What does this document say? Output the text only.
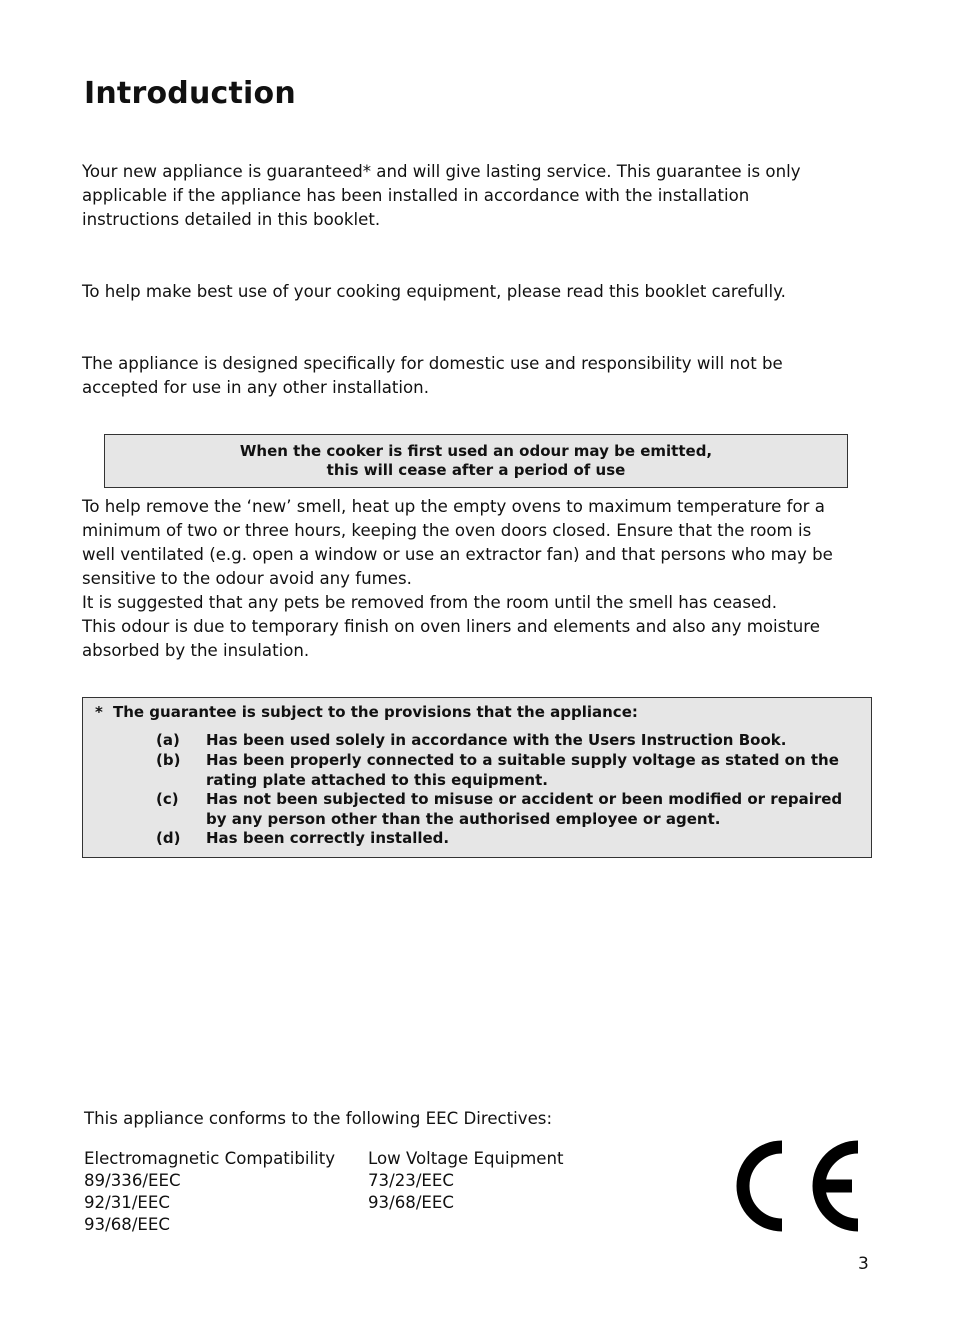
Introduction

Your new appliance is guaranteed* and will give lasting service. This guarantee is only
applicable if the appliance has been installed in accordance with the installation
instructions detailed in this booklet.

To help make best use of your cooking equipment, please read this booklet carefully.

The appliance is designed specifically for domestic use and responsibility will not be
accepted for use in any other installation.

When the cooker is first used an odour may be emitted,
this will cease after a period of use

To help remove the ‘new’ smell, heat up the empty ovens to maximum temperature for a
minimum of two or three hours, keeping the oven doors closed. Ensure that the room is
well ventilated (e.g. open a window or use an extractor fan) and that persons who may be
sensitive to the odour avoid any fumes.
It is suggested that any pets be removed from the room until the smell has ceased.
This odour is due to temporary finish on oven liners and elements and also any moisture
absorbed by the insulation.

* The guarantee is subject to the provisions that the appliance:
(a) Has been used solely in accordance with the Users Instruction Book.
(b) Has been properly connected to a suitable supply voltage as stated on the rating plate attached to this equipment.
(c) Has not been subjected to misuse or accident or been modified or repaired by any person other than the authorised employee or agent.
(d) Has been correctly installed.
This appliance conforms to the following EEC Directives:
Electromagnetic Compatibility
89/336/EEC
92/31/EEC
93/68/EEC
Low Voltage Equipment
73/23/EEC
93/68/EEC
3
